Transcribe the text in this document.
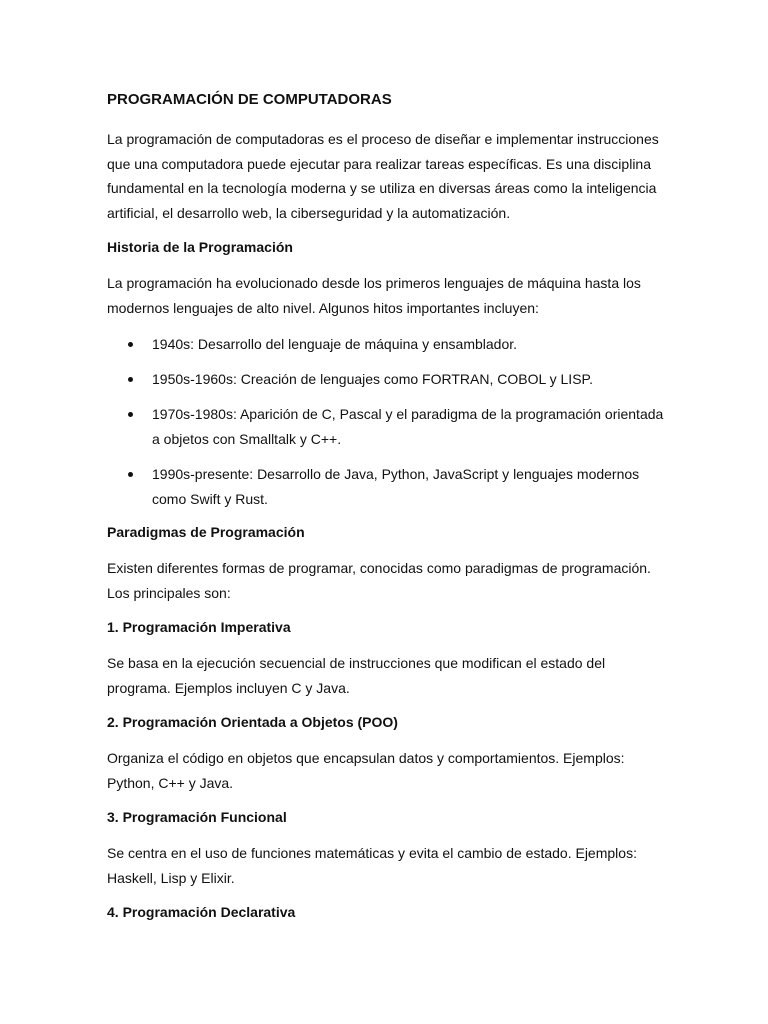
PROGRAMACIÓN DE COMPUTADORAS

La programación de computadoras es el proceso de diseñar e implementar instrucciones que una computadora puede ejecutar para realizar tareas específicas. Es una disciplina fundamental en la tecnología moderna y se utiliza en diversas áreas como la inteligencia artificial, el desarrollo web, la ciberseguridad y la automatización.

Historia de la Programación

La programación ha evolucionado desde los primeros lenguajes de máquina hasta los modernos lenguajes de alto nivel. Algunos hitos importantes incluyen:

1940s: Desarrollo del lenguaje de máquina y ensamblador.
1950s-1960s: Creación de lenguajes como FORTRAN, COBOL y LISP.
1970s-1980s: Aparición de C, Pascal y el paradigma de la programación orientada a objetos con Smalltalk y C++.
1990s-presente: Desarrollo de Java, Python, JavaScript y lenguajes modernos como Swift y Rust.
Paradigmas de Programación

Existen diferentes formas de programar, conocidas como paradigmas de programación. Los principales son:

1. Programación Imperativa

Se basa en la ejecución secuencial de instrucciones que modifican el estado del programa. Ejemplos incluyen C y Java.

2. Programación Orientada a Objetos (POO)

Organiza el código en objetos que encapsulan datos y comportamientos. Ejemplos: Python, C++ y Java.

3. Programación Funcional

Se centra en el uso de funciones matemáticas y evita el cambio de estado. Ejemplos: Haskell, Lisp y Elixir.

4. Programación Declarativa
